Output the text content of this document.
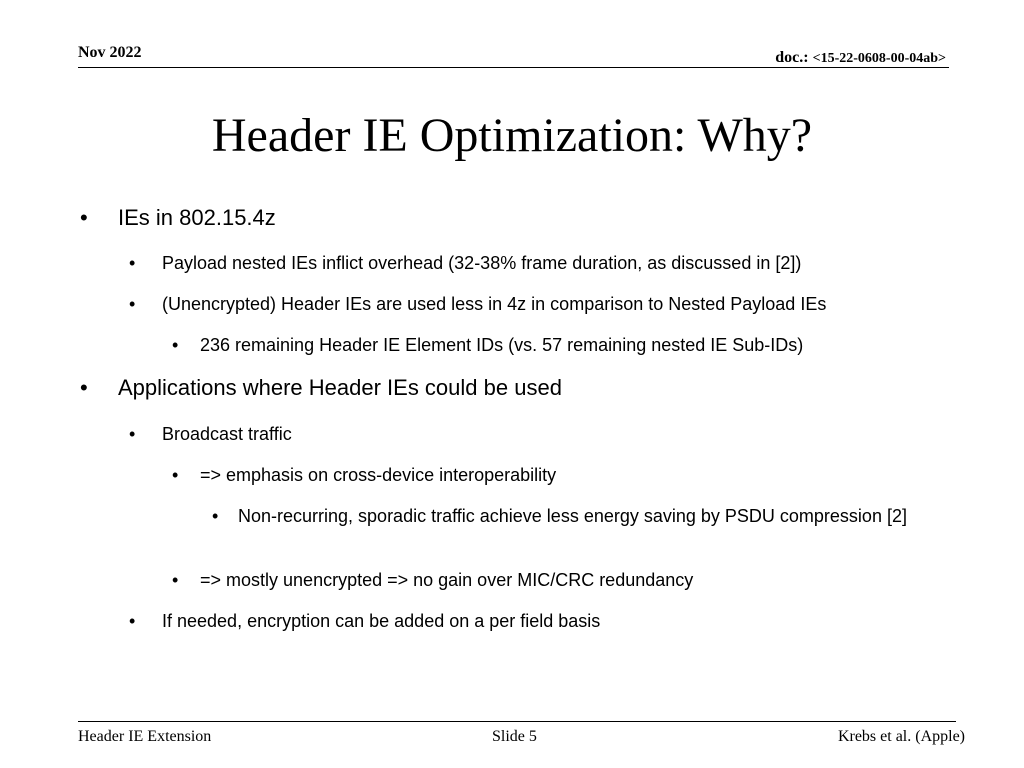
Nov 2022	doc.: <15-22-0608-00-04ab>
Header IE Optimization: Why?
• IEs in 802.15.4z
• Payload nested IEs inflict overhead (32-38% frame duration, as discussed in [2])
• (Unencrypted) Header IEs are used less in 4z in comparison to Nested Payload IEs
• 236 remaining Header IE Element IDs (vs. 57 remaining nested IE Sub-IDs)
• Applications where Header IEs could be used
• Broadcast traffic
• => emphasis on cross-device interoperability
• Non-recurring, sporadic traffic achieve less energy saving by PSDU compression [2]
• => mostly unencrypted => no gain over MIC/CRC redundancy
• If needed, encryption can be added on a per field basis
Header IE Extension	Slide 5	Krebs et al. (Apple)
